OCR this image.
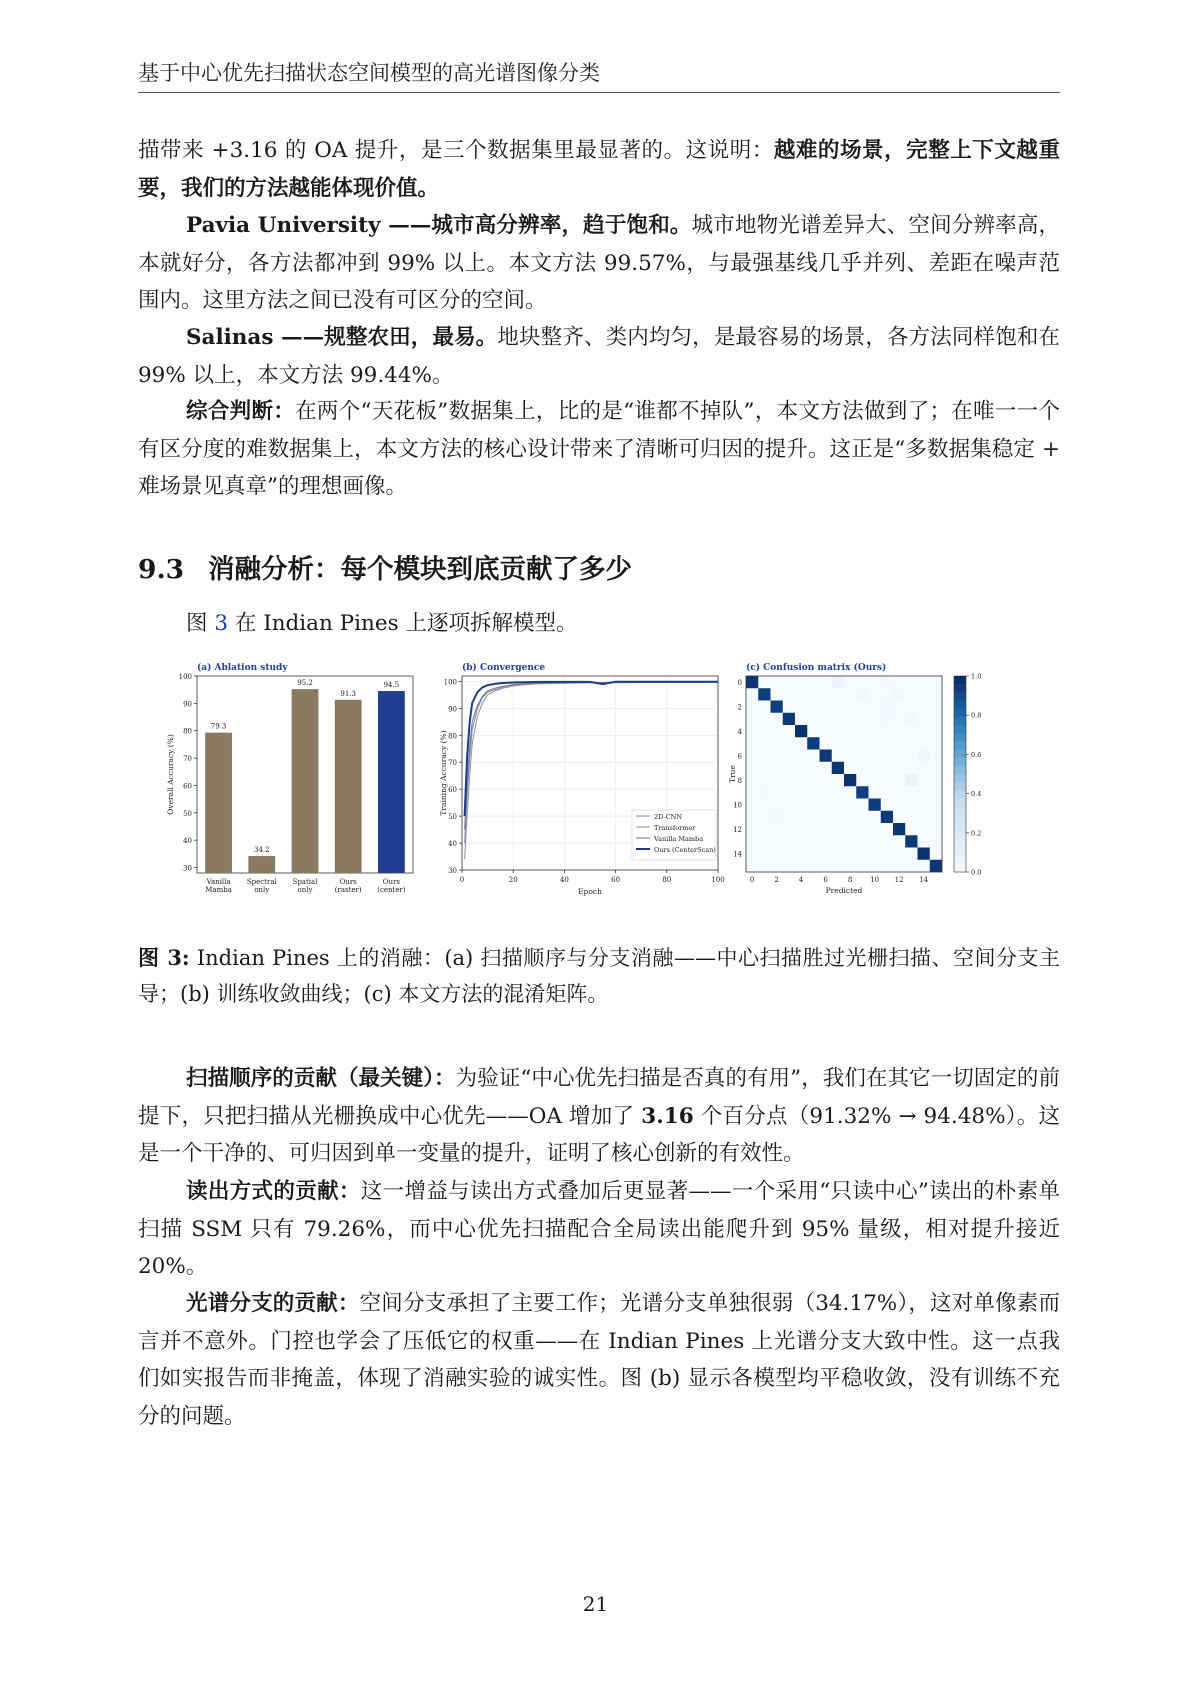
基于中心优先扫描状态空间模型的高光谱图像分类

描带来 +3.16 的 OA 提升，是三个数据集里最显著的。这说明：越难的场景，完整上下文越重要，我们的方法越能体现价值。

Pavia University ——城市高分辨率，趋于饱和。城市地物光谱差异大、空间分辨率高，本就好分，各方法都冲到 99% 以上。本文方法 99.57%，与最强基线几乎并列、差距在噪声范围内。这里方法之间已没有可区分的空间。

Salinas ——规整农田，最易。地块整齐、类内均匀，是最容易的场景，各方法同样饱和在 99% 以上，本文方法 99.44%。

综合判断：在两个“天花板”数据集上，比的是“谁都不掉队”，本文方法做到了；在唯一一个有区分度的难数据集上，本文方法的核心设计带来了清晰可归因的提升。这正是“多数据集稳定 + 难场景见真章”的理想画像。

9.3 消融分析：每个模块到底贡献了多少

图 3 在 Indian Pines 上逐项拆解模型。

(a) Ablation study
30
40
50
60
70
80
90
100
79.3
Vanilla
Mamba
34.2
Spectral
only
95.2
Spatial
only
91.3
Ours
(raster)
94.5
Ours
(center)
Overall Accuracy (%)
(b) Convergence
30
40
50
60
70
80
90
100
0	20	40	60	80	100
2D-CNN
Transformer
Vanilla Mamba
Ours (CenterScan)
Epoch
Training Accuracy (%)
(c) Confusion matrix (Ours)
0	2	4	6	8	10 12 14
0
2
4
6
8
10
12
14
Predicted
True
0.0
0.2
0.4
0.6
0.8
1.0

图 3: Indian Pines 上的消融：(a) 扫描顺序与分支消融——中心扫描胜过光栅扫描、空间分支主导；(b) 训练收敛曲线；(c) 本文方法的混淆矩阵。

扫描顺序的贡献（最关键）：为验证“中心优先扫描是否真的有用”，我们在其它一切固定的前提下，只把扫描从光栅换成中心优先——OA 增加了 3.16 个百分点（91.32% → 94.48%）。这是一个干净的、可归因到单一变量的提升，证明了核心创新的有效性。

读出方式的贡献：这一增益与读出方式叠加后更显著——一个采用“只读中心”读出的朴素单扫描 SSM 只有 79.26%，而中心优先扫描配合全局读出能爬升到 95% 量级，相对提升接近 20%。

光谱分支的贡献：空间分支承担了主要工作；光谱分支单独很弱（34.17%），这对单像素而言并不意外。门控也学会了压低它的权重——在 Indian Pines 上光谱分支大致中性。这一点我们如实报告而非掩盖，体现了消融实验的诚实性。图 (b) 显示各模型均平稳收敛，没有训练不充分的问题。

21
